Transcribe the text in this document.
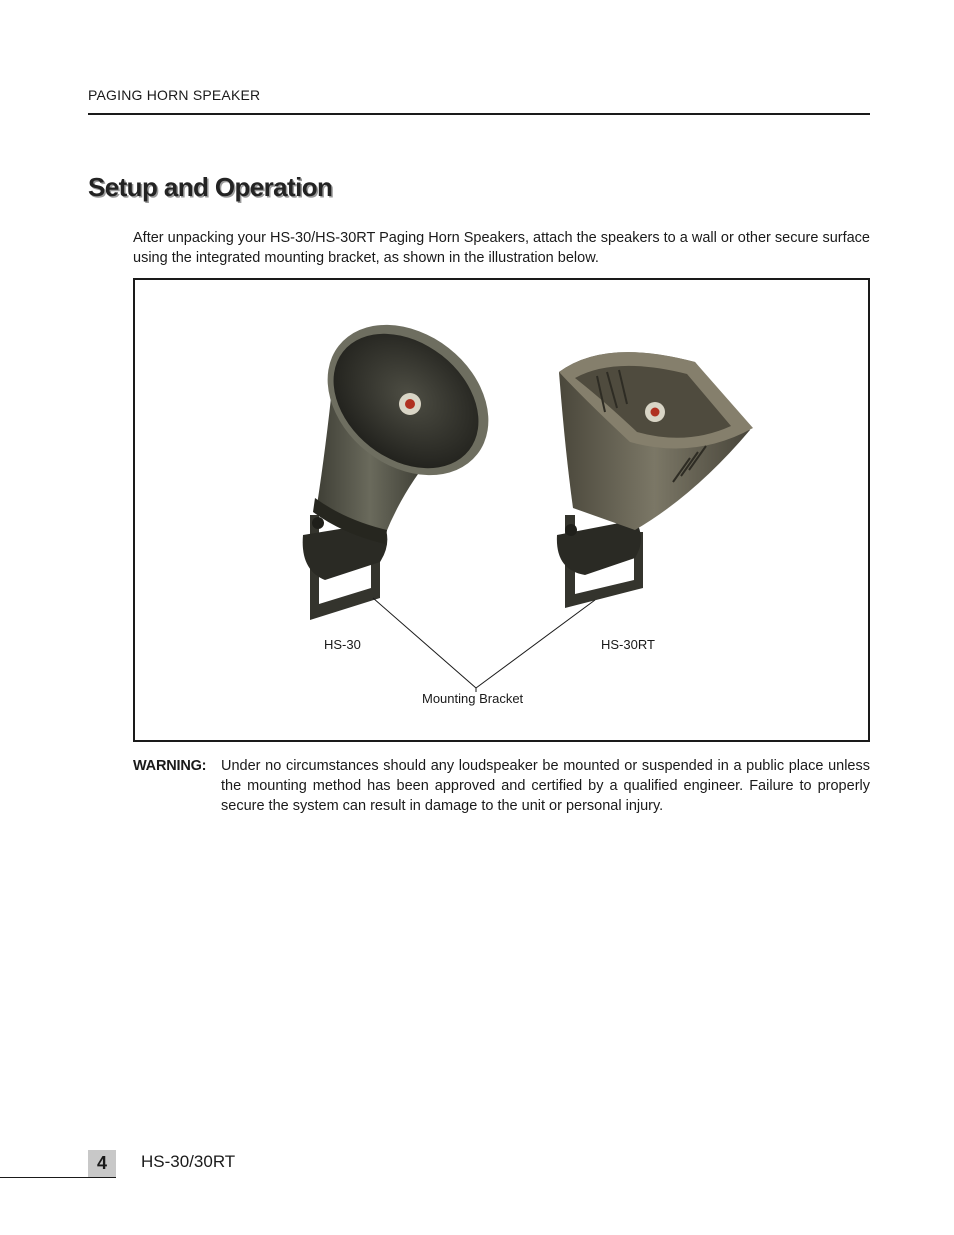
PAGING HORN SPEAKER
Setup and Operation

After unpacking your HS-30/HS-30RT Paging Horn Speakers, attach the speakers to a wall or other secure surface using the integrated mounting bracket, as shown in the illustration below.

HS-30	HS-30RT
Mounting Bracket
WARNING: Under no circumstances should any loudspeaker be mounted or suspended in a public place unless the mounting method has been approved and certified by a qualified engineer. Failure to properly secure the system can result in damage to the unit or personal injury.

4	HS-30/30RT
